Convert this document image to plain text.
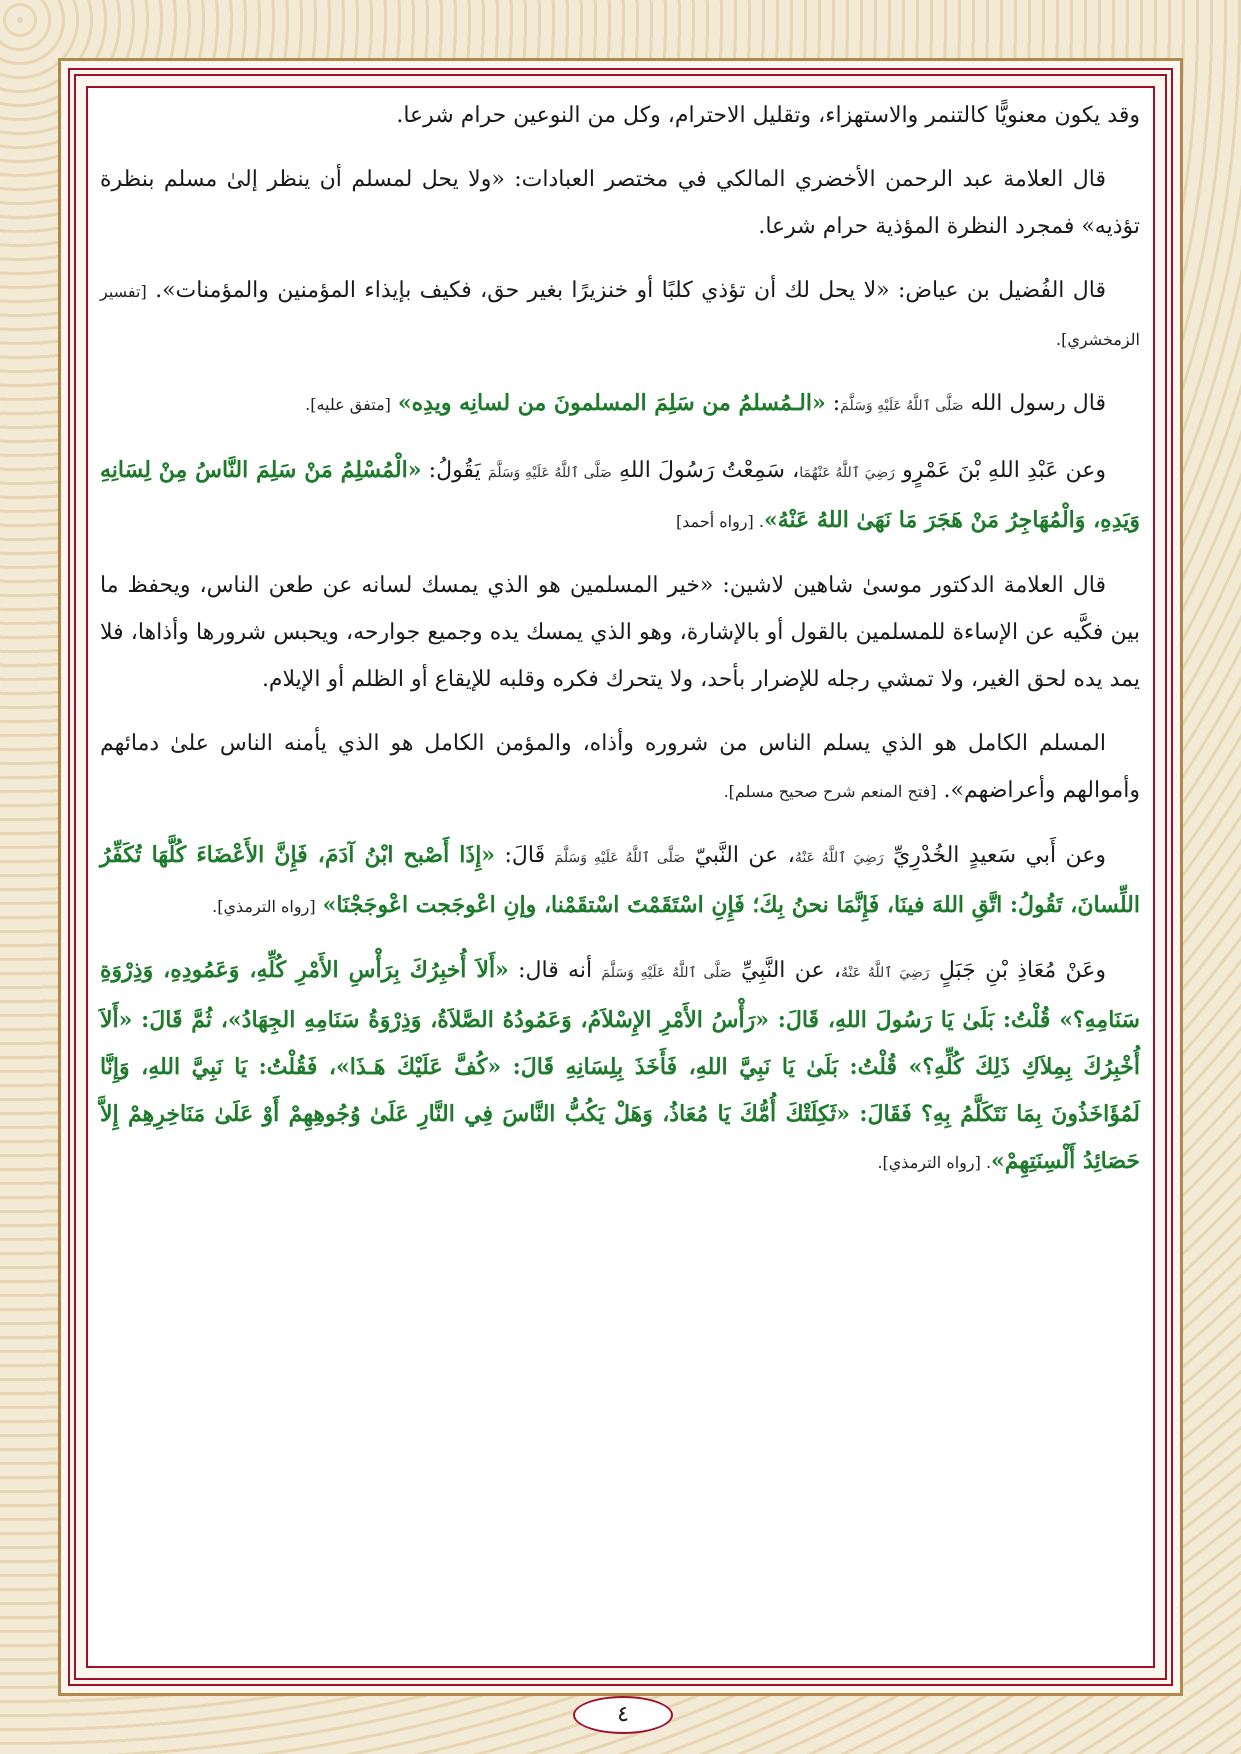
وقد يكون معنويًّا كالتنمر والاستهزاء، وتقليل الاحترام، وكل من النوعين حرام شرعا.

قال العلامة عبد الرحمن الأخضري المالكي في مختصر العبادات: «ولا يحل لمسلم أن ينظر إلىٰ مسلم بنظرة تؤذيه» فمجرد النظرة المؤذية حرام شرعا.

قال الفُضيل بن عياض: «لا يحل لك أن تؤذي كلبًا أو خنزيرًا بغير حق، فكيف بإيذاء المؤمنين والمؤمنات». [تفسير الزمخشري].

قال رسول الله صَلَّى ٱللَّهُ عَلَيْهِ وَسَلَّمَ: «الـمُسلمُ من سَلِمَ المسلمونَ من لسانِه ويدِه» [متفق عليه].

وعن عَبْدِ اللهِ بْنَ عَمْرٍو رَضِيَ ٱللَّهُ عَنْهُمَا، سَمِعْتُ رَسُولَ اللهِ صَلَّى ٱللَّهُ عَلَيْهِ وَسَلَّمَ يَقُولُ: «الْمُسْلِمُ مَنْ سَلِمَ النَّاسُ مِنْ لِسَانِهِ وَيَدِهِ، وَالْمُهَاجِرُ مَنْ هَجَرَ مَا نَهَىٰ اللهُ عَنْهُ». [رواه أحمد]

قال العلامة الدكتور موسىٰ شاهين لاشين: «خير المسلمين هو الذي يمسك لسانه عن طعن الناس، ويحفظ ما بين فكَّيه عن الإساءة للمسلمين بالقول أو بالإشارة، وهو الذي يمسك يده وجميع جوارحه، ويحبس شرورها وأذاها، فلا يمد يده لحق الغير، ولا تمشي رجله للإضرار بأحد، ولا يتحرك فكره وقلبه للإيقاع أو الظلم أو الإيلام.

المسلم الكامل هو الذي يسلم الناس من شروره وأذاه، والمؤمن الكامل هو الذي يأمنه الناس علىٰ دمائهم وأموالهم وأعراضهم». [فتح المنعم شرح صحيح مسلم].

وعن أَبي سَعيدٍ الخُدْرِيِّ رَضِيَ ٱللَّهُ عَنْهُ، عن النَّبيّ صَلَّى ٱللَّهُ عَلَيْهِ وَسَلَّمَ قَالَ: «إِذَا أَصْبح ابْنُ آدَمَ، فَإِنَّ الأَعْضَاءَ كُلَّهَا تُكَفِّرُ اللِّسانَ، تَقُولُ: اتَّقِ اللهَ فينَا، فَإِنَّمَا نحنُ بِكَ؛ فَإِنِ اسْتَقَمْتَ اسْتقَمْنا، وإنِ اعْوجَجت اعْوجَجْنَا» [رواه الترمذي].

وعَنْ مُعَاذِ بْنِ جَبَلٍ رَضِيَ ٱللَّهُ عَنْهُ، عن النَّبِيِّ صَلَّى ٱللَّهُ عَلَيْهِ وَسَلَّمَ أنه قال: «أَلاَ أُخبِرُكَ بِرَأْسِ الأَمْرِ كُلِّهِ، وَعَمُودِهِ، وَذِرْوَةِ سَنَامِهِ؟» قُلْتُ: بَلَىٰ يَا رَسُولَ اللهِ، قَالَ: «رَأْسُ الأَمْرِ الإِسْلاَمُ، وَعَمُودُهُ الصَّلاَةُ، وَذِرْوَةُ سَنَامِهِ الجِهَادُ»، ثُمَّ قَالَ: «أَلاَ أُخْبِرُكَ بِمِلاَكِ ذَلِكَ كُلِّهِ؟» قُلْتُ: بَلَىٰ يَا نَبِيَّ اللهِ، فَأَخَذَ بِلِسَانِهِ قَالَ: «كُفَّ عَلَيْكَ هَـذَا»، فَقُلْتُ: يَا نَبِيَّ اللهِ، وَإِنَّا لَمُؤَاخَذُونَ بِمَا نَتَكَلَّمُ بِهِ؟ فَقَالَ: «ثَكِلَتْكَ أُمُّكَ يَا مُعَاذُ، وَهَلْ يَكُبُّ النَّاسَ فِي النَّارِ عَلَىٰ وُجُوهِهِمْ أَوْ عَلَىٰ مَنَاخِرِهِمْ إِلاَّ حَصَائِدُ أَلْسِنَتِهِمْ». [رواه الترمذي].

٤
